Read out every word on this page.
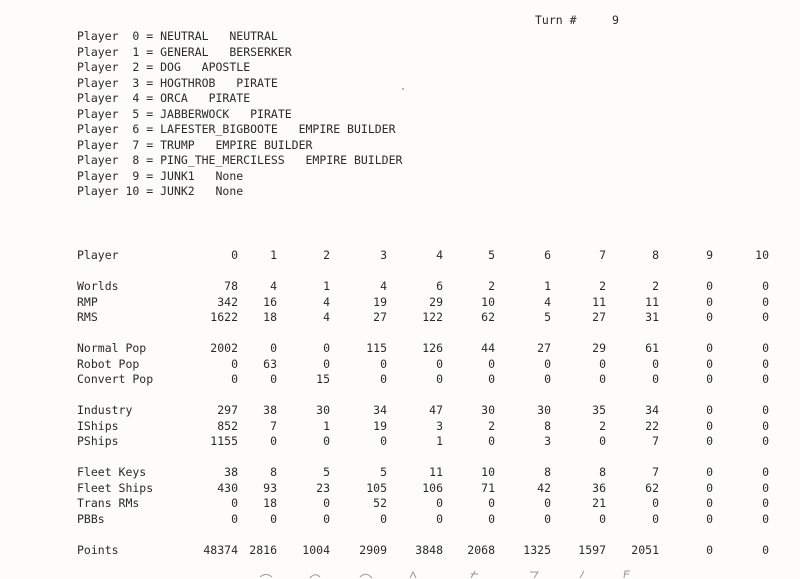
Turn #	9
Player  0 = NEUTRAL NEUTRAL
Player  1 = GENERAL BERSERKER
Player  2 = DOG APOSTLE
Player  3 = HOGTHROB PIRATE
Player  4 = ORCA PIRATE
Player  5 = JABBERWOCK PIRATE
Player  6 = LAFESTER_BIGBOOTE EMPIRE BUILDER
Player  7 = TRUMP EMPIRE BUILDER
Player  8 = PING_THE_MERCILESS EMPIRE BUILDER
Player  9 = JUNK1 None
Player 10 = JUNK2 None
Player	0	1	2	3	4	5	6	7	8	9	10
Worlds	78	4	1	4	6	2	1	2	2	0	0
RMP	342	16	4	19	29	10	4	11	11	0	0
RMS	1622	18	4	27	122	62	5	27	31	0	0
Normal Pop	2002	0	0	115	126	44	27	29	61	0	0
Robot Pop	0	63	0	0	0	0	0	0	0	0	0
Convert Pop	0	0	15	0	0	0	0	0	0	0	0
Industry	297	38	30	34	47	30	30	35	34	0	0
IShips	852	7	1	19	3	2	8	2	22	0	0
PShips	1155	0	0	0	1	0	3	0	7	0	0
Fleet Keys	38	8	5	5	11	10	8	8	7	0	0
Fleet Ships	430	93	23	105	106	71	42	36	62	0	0
Trans RMs	0	18	0	52	0	0	0	21	0	0	0
PBBs	0	0	0	0	0	0	0	0	0	0	0
Points	48374 2816	1004	2909	3848	2068	1325	1597	2051	0	0
